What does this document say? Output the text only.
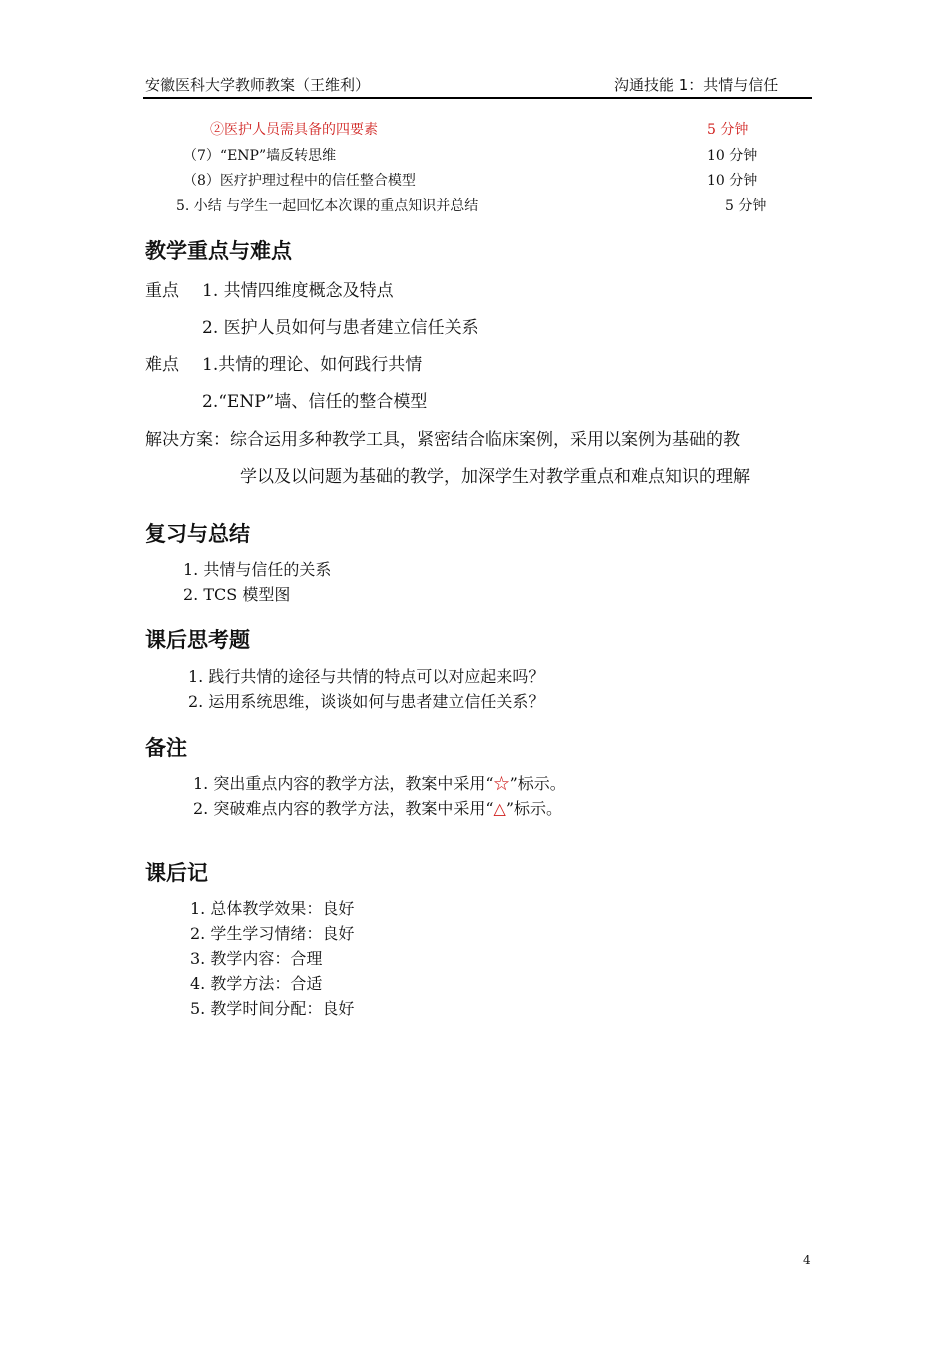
安徽医科大学教师教案（王维利）	沟通技能 1：共情与信任
②医护人员需具备的四要素	5 分钟
（7）“ENP”墙反转思维	10 分钟
（8）医疗护理过程中的信任整合模型	10 分钟
5. 小结 与学生一起回忆本次课的重点知识并总结	5 分钟
教学重点与难点
重点 1. 共情四维度概念及特点
2. 医护人员如何与患者建立信任关系
难点 1.共情的理论、如何践行共情
2.“ENP”墙、信任的整合模型
解决方案：综合运用多种教学工具，紧密结合临床案例，采用以案例为基础的教
学以及以问题为基础的教学，加深学生对教学重点和难点知识的理解
复习与总结
1. 共情与信任的关系
2. TCS 模型图
课后思考题
1. 践行共情的途径与共情的特点可以对应起来吗？
2. 运用系统思维，谈谈如何与患者建立信任关系？
备注
1. 突出重点内容的教学方法，教案中采用“☆”标示。
2. 突破难点内容的教学方法，教案中采用“△”标示。
课后记
1. 总体教学效果：良好
2. 学生学习情绪：良好
3. 教学内容：合理
4. 教学方法：合适
5. 教学时间分配：良好
4
